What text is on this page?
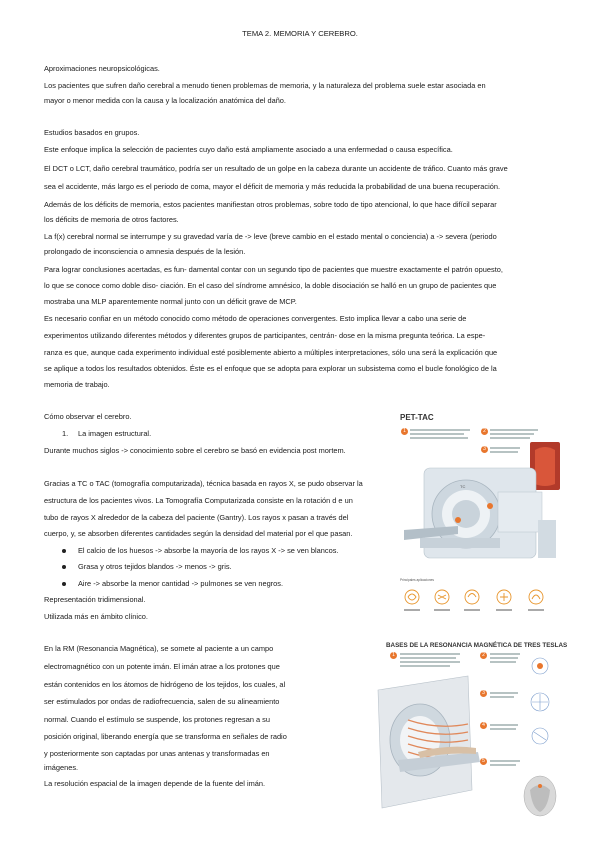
TEMA 2. MEMORIA Y CEREBRO.
Aproximaciones neuropsicológicas.
Los pacientes que sufren daño cerebral a menudo tienen problemas de memoria, y la naturaleza del problema suele estar asociada en
mayor o menor medida con la causa y la localización anatómica del daño.
Estudios basados en grupos.
Este enfoque implica la selección de pacientes cuyo daño está ampliamente asociado a una enfermedad o causa específica.
El DCT o LCT, daño cerebral traumático, podría ser un resultado de un golpe en la cabeza durante un accidente de tráfico. Cuanto más grave
sea el accidente, más largo es el periodo de coma, mayor el déficit de memoria y más reducida la probabilidad de una buena recuperación.
Además de los déficits de memoria, estos pacientes manifiestan otros problemas, sobre todo de tipo atencional, lo que hace difícil separar
los déficits de memoria de otros factores.
La f(x) cerebral normal se interrumpe y su gravedad varía de -> leve (breve cambio en el estado mental o conciencia) a -> severa (periodo
prolongado de inconsciencia o amnesia después de la lesión.
Para lograr conclusiones acertadas, es fun- damental contar con un segundo tipo de pacientes que muestre exactamente el patrón opuesto,
lo que se conoce como doble diso- ciación. En el caso del síndrome amnésico, la doble disociación se halló en un grupo de pacientes que
mostraba una MLP aparentemente normal junto con un déficit grave de MCP.
Es necesario confiar en un método conocido como método de operaciones convergentes. Esto implica llevar a cabo una serie de
experimentos utilizando diferentes métodos y diferentes grupos de participantes, centrán- dose en la misma pregunta teórica. La espe-
ranza es que, aunque cada experimento individual esté posiblemente abierto a múltiples interpretaciones, sólo una será la explicación que
se aplique a todos los resultados obtenidos. Éste es el enfoque que se adopta para explorar un subsistema como el bucle fonológico de la
memoria de trabajo.
Cómo observar el cerebro.
1. La imagen estructural.
Durante muchos siglos -> conocimiento sobre el cerebro se basó en evidencia post mortem.
Gracias a TC o TAC (tomografía computarizada), técnica basada en rayos X, se pudo observar la
estructura de los pacientes vivos. La Tomografía Computarizada consiste en la rotación d e un
tubo de rayos X alrededor de la cabeza del paciente (Gantry). Los rayos x pasan a través del
cuerpo, y, se absorben diferentes cantidades según la densidad del material por el que pasan.
El calcio de los huesos -> absorbe la mayoría de los rayos X -> se ven blancos.
Grasa y otros tejidos blandos -> menos -> gris.
Aire -> absorbe la menor cantidad -> pulmones se ven negros.
Representación tridimensional.
Utilizada más en ámbito clínico.
En la RM (Resonancia Magnética), se somete al paciente a un campo
electromagnético con un potente imán. El imán atrae a los protones que
están contenidos en los átomos de hidrógeno de los tejidos, los cuales, al
ser estimulados por ondas de radiofrecuencia, salen de su alineamiento
normal. Cuando el estímulo se suspende, los protones regresan a su
posición original, liberando energía que se transforma en señales de radio
y posteriormente son captadas por unas antenas y transformadas en
imágenes.
La resolución espacial de la imagen depende de la fuente del imán.
PET-TAC
1	2
3
TC
Principales aplicaciones
BASES DE LA RESONANCIA MAGNÉTICA DE TRES TESLAS
1	2
3
4
5
